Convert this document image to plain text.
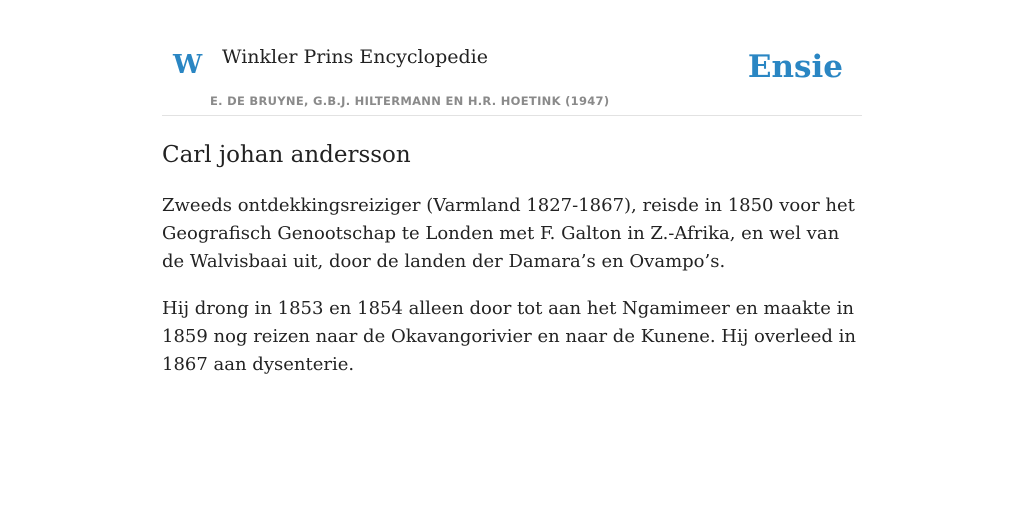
W Winkler Prins Encyclopedie
E. DE BRUYNE, G.B.J. HILTERMANN EN H.R. HOETINK (1947)
Ensie
Carl johan andersson

Zweeds ontdekkingsreiziger (Varmland 1827-1867), reisde in 1850 voor het Geografisch Genootschap te Londen met F. Galton in Z.-Afrika, en wel van de Walvisbaai uit, door de landen der Damara’s en Ovampo’s.

Hij drong in 1853 en 1854 alleen door tot aan het Ngamimeer en maakte in 1859 nog reizen naar de Okavangorivier en naar de Kunene. Hij overleed in 1867 aan dysenterie.
